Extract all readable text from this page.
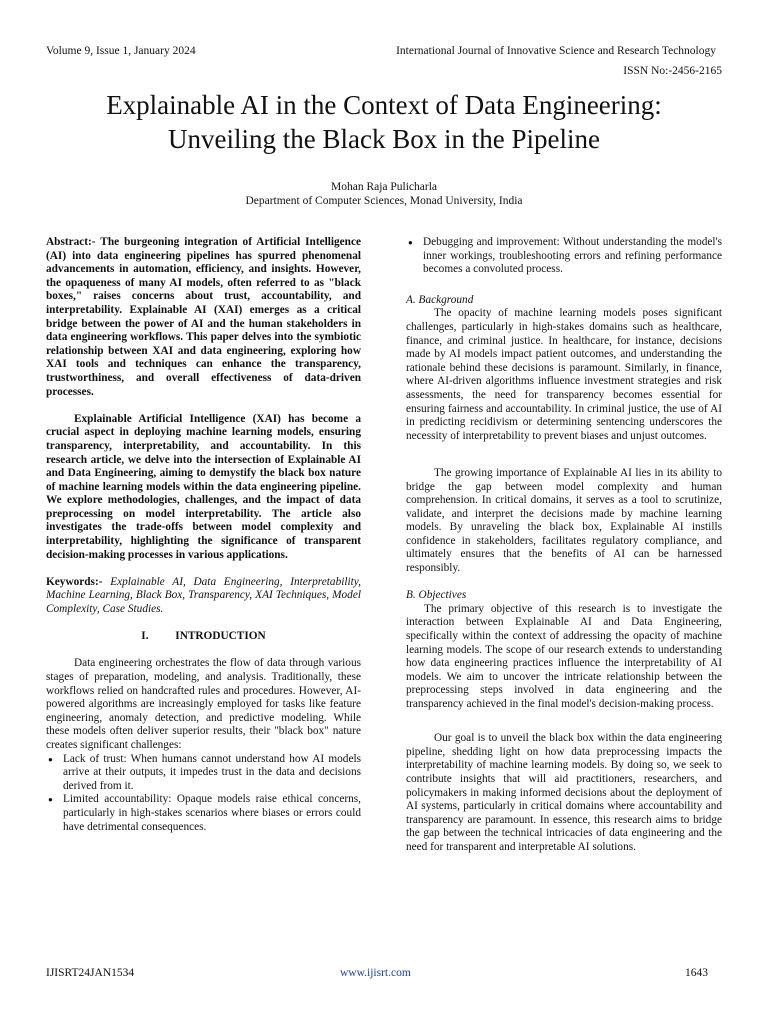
Volume 9, Issue 1, January 2024	International Journal of Innovative Science and Research Technology
ISSN No:-2456-2165
Explainable AI in the Context of Data Engineering:
Unveiling the Black Box in the Pipeline
Mohan Raja Pulicharla
Department of Computer Sciences, Monad University, India

Abstract:- The burgeoning integration of Artificial Intelligence (AI) into data engineering pipelines has spurred phenomenal advancements in automation, efficiency, and insights. However, the opaqueness of many AI models, often referred to as "black boxes," raises concerns about trust, accountability, and interpretability. Explainable AI (XAI) emerges as a critical bridge between the power of AI and the human stakeholders in data engineering workflows. This paper delves into the symbiotic relationship between XAI and data engineering, exploring how XAI tools and techniques can enhance the transparency, trustworthiness, and overall effectiveness of data-driven processes.

Explainable Artificial Intelligence (XAI) has become a crucial aspect in deploying machine learning models, ensuring transparency, interpretability, and accountability. In this research article, we delve into the intersection of Explainable AI and Data Engineering, aiming to demystify the black box nature of machine learning models within the data engineering pipeline. We explore methodologies, challenges, and the impact of data preprocessing on model interpretability. The article also investigates the trade-offs between model complexity and interpretability, highlighting the significance of transparent decision-making processes in various applications.

Keywords:- Explainable AI, Data Engineering, Interpretability, Machine Learning, Black Box, Transparency, XAI Techniques, Model Complexity, Case Studies.

I. INTRODUCTION

Data engineering orchestrates the flow of data through various stages of preparation, modeling, and analysis. Traditionally, these workflows relied on handcrafted rules and procedures. However, AI-powered algorithms are increasingly employed for tasks like feature engineering, anomaly detection, and predictive modeling. While these models often deliver superior results, their "black box" nature creates significant challenges:

● Lack of trust: When humans cannot understand how AI models arrive at their outputs, it impedes trust in the data and decisions derived from it.
● Limited accountability: Opaque models raise ethical concerns, particularly in high-stakes scenarios where biases or errors could have detrimental consequences.
● Debugging and improvement: Without understanding the model's inner workings, troubleshooting errors and refining performance becomes a convoluted process.

A. Background

The opacity of machine learning models poses significant challenges, particularly in high-stakes domains such as healthcare, finance, and criminal justice. In healthcare, for instance, decisions made by AI models impact patient outcomes, and understanding the rationale behind these decisions is paramount. Similarly, in finance, where AI-driven algorithms influence investment strategies and risk assessments, the need for transparency becomes essential for ensuring fairness and accountability. In criminal justice, the use of AI in predicting recidivism or determining sentencing underscores the necessity of interpretability to prevent biases and unjust outcomes.

The growing importance of Explainable AI lies in its ability to bridge the gap between model complexity and human comprehension. In critical domains, it serves as a tool to scrutinize, validate, and interpret the decisions made by machine learning models. By unraveling the black box, Explainable AI instills confidence in stakeholders, facilitates regulatory compliance, and ultimately ensures that the benefits of AI can be harnessed responsibly.

B. Objectives

The primary objective of this research is to investigate the interaction between Explainable AI and Data Engineering, specifically within the context of addressing the opacity of machine learning models. The scope of our research extends to understanding how data engineering practices influence the interpretability of AI models. We aim to uncover the intricate relationship between the preprocessing steps involved in data engineering and the transparency achieved in the final model's decision-making process.

Our goal is to unveil the black box within the data engineering pipeline, shedding light on how data preprocessing impacts the interpretability of machine learning models. By doing so, we seek to contribute insights that will aid practitioners, researchers, and policymakers in making informed decisions about the deployment of AI systems, particularly in critical domains where accountability and transparency are paramount. In essence, this research aims to bridge the gap between the technical intricacies of data engineering and the need for transparent and interpretable AI solutions.

IJISRT24JAN1534	www.ijisrt.com	1643
